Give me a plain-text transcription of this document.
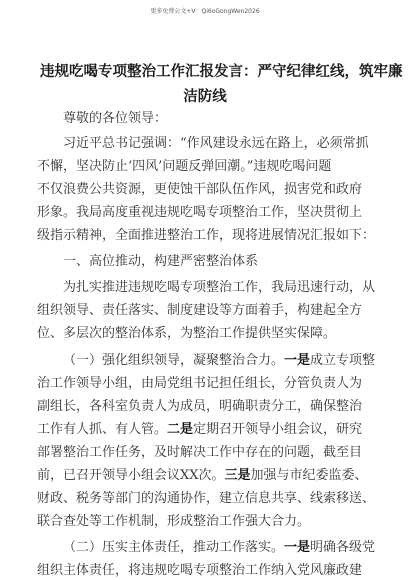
更多免费公文+V：Qi6oGongWen2026
违规吃喝专项整治工作汇报发言：严守纪律红线，筑牢廉
洁防线
尊敬的各位领导：
习近平总书记强调：“作风建设永远在路上，必须常抓
不懈，坚决防止‘四风’问题反弹回潮。”违规吃喝问题
不仅浪费公共资源，更使蚀干部队伍作风，损害党和政府
形象。我局高度重视违规吃喝专项整治工作，坚决贯彻上
级指示精神，全面推进整治工作，现将进展情况汇报如下：
一、高位推动，构建严密整治体系
为扎实推进违规吃喝专项整治工作，我局迅速行动，从
组织领导、责任落实、制度建设等方面着手，构建起全方
位、多层次的整治体系，为整治工作提供坚实保障。
（一）强化组织领导，凝聚整治合力。一是成立专项整
治工作领导小组，由局党组书记担任组长，分管负责人为
副组长，各科室负责人为成员，明确职责分工，确保整治
工作有人抓、有人管。二是定期召开领导小组会议，研究
部署整治工作任务，及时解决工作中存在的问题，截至目
前，已召开领导小组会议XX次。三是加强与市纪委监委、
财政、税务等部门的沟通协作，建立信息共享、线索移送、
联合查处等工作机制，形成整治工作强大合力。
（二）压实主体责任，推动工作落实。一是明确各级党
组织主体责任，将违规吃喝专项整治工作纳入党风廉政建
